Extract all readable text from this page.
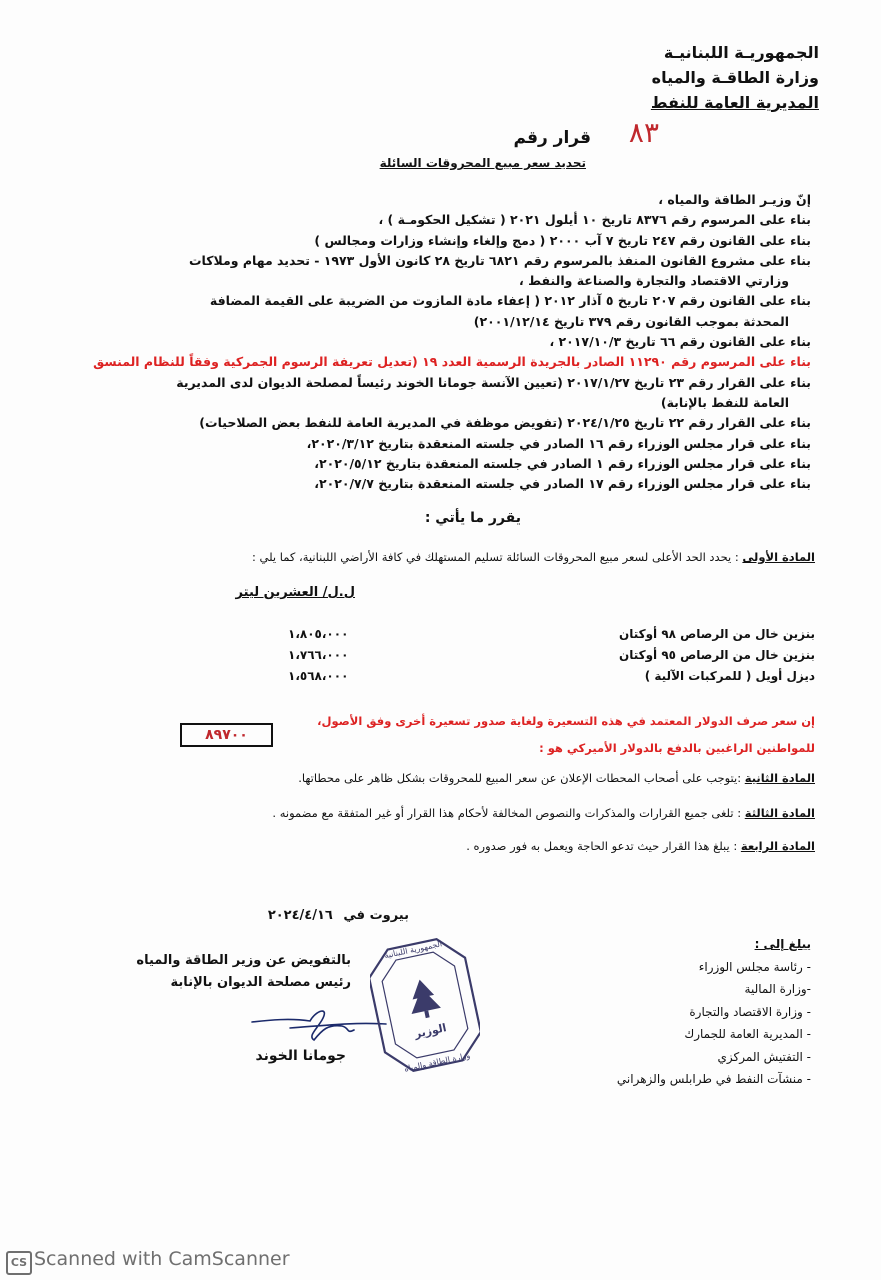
الجمهوريـة اللبنانيـة
وزارة الطاقـة والمياه
المديرية العامة للنفط
قرار رقم ٨٣
تحديد سعر مبيع المحروقات السائلة
إنّ وزيـر الطاقة والمياه ،
بناء على المرسوم رقم ٨٣٧٦ تاريخ ١٠ أيلول ٢٠٢١ ( تشكيل الحكومـة ) ،
بناء على القانون رقم ٢٤٧ تاريخ ٧ آب ٢٠٠٠ ( دمج وإلغاء وإنشاء وزارات ومجالس )
بناء على مشروع القانون المنفذ بالمرسوم رقم ٦٨٢١ تاريخ ٢٨ كانون الأول ١٩٧٣ - تحديد مهام وملاكات
وزارتي الاقتصاد والتجارة والصناعة والنفط ،
بناء على القانون رقم ٢٠٧ تاريخ ٥ آذار ٢٠١٢ ( إعفاء مادة المازوت من الضريبة على القيمة المضافة
المحدثة بموجب القانون رقم ٣٧٩ تاريخ ٢٠٠١/١٢/١٤)
بناء على القانون رقم ٦٦ تاريخ ٢٠١٧/١٠/٣ ،
بناء على المرسوم رقم ١١٢٩٠ الصادر بالجريدة الرسمية العدد ١٩ (تعديل تعريفة الرسوم الجمركية وفقاً للنظام المنسق
بناء على القرار رقم ٢٣ تاريخ ٢٠١٧/١/٢٧ (تعيين الآنسة جومانا الخوند رئيساً لمصلحة الديوان لدى المديرية
العامة للنفط بالإنابة)
بناء على القرار رقم ٢٢ تاريخ ٢٠٢٤/١/٢٥ (تفويض موظفة في المديرية العامة للنفط بعض الصلاحيات)
بناء على قرار مجلس الوزراء رقم ١٦ الصادر في جلسته المنعقدة بتاريخ ٢٠٢٠/٣/١٢،
بناء على قرار مجلس الوزراء رقم ١ الصادر في جلسته المنعقدة بتاريخ ٢٠٢٠/٥/١٢،
بناء على قرار مجلس الوزراء رقم ١٧ الصادر في جلسته المنعقدة بتاريخ ٢٠٢٠/٧/٧،
يقرر ما يأتي :
المادة الأولى : يحدد الحد الأعلى لسعر مبيع المحروقات السائلة تسليم المستهلك في كافة الأراضي اللبنانية، كما يلي :
ل.ل/ العشرين ليتر
بنزين خال من الرصاص ٩٨ أوكتان
بنزين خال من الرصاص ٩٥ أوكتان
ديزل أويل ( للمركبات الآلية )
١،٨٠٥،٠٠٠
١،٧٦٦،٠٠٠
١،٥٦٨،٠٠٠
إن سعر صرف الدولار المعتمد في هذه التسعيرة ولغاية صدور تسعيرة أخرى وفق الأصول،
للمواطنين الراغبين بالدفع بالدولار الأميركي هو :
٨٩٧٠٠
المادة الثانية :يتوجب على أصحاب المحطات الإعلان عن سعر المبيع للمحروقات بشكل ظاهر على محطاتها.
المادة الثالثة : تلغى جميع القرارات والمذكرات والنصوص المخالفة لأحكام هذا القرار أو غير المتفقة مع مضمونه .
المادة الرابعة : يبلغ هذا القرار حيث تدعو الحاجة ويعمل به فور صدوره .
بيروت في ٢٠٢٤/٤/١٦
بالتفويض عن وزير الطاقة والمياه
رئيس مصلحة الديوان بالإنابة
جومانا الخوند
الجمهورية اللبنانية
الوزير
وزارة الطاقة والمياه
يبلغ إلى :
- رئاسة مجلس الوزراء
-وزارة المالية
- وزارة الاقتصاد والتجارة
- المديرية العامة للجمارك
- التفتيش المركزي
- منشآت النفط في طرابلس والزهراني
CS Scanned with CamScanner
